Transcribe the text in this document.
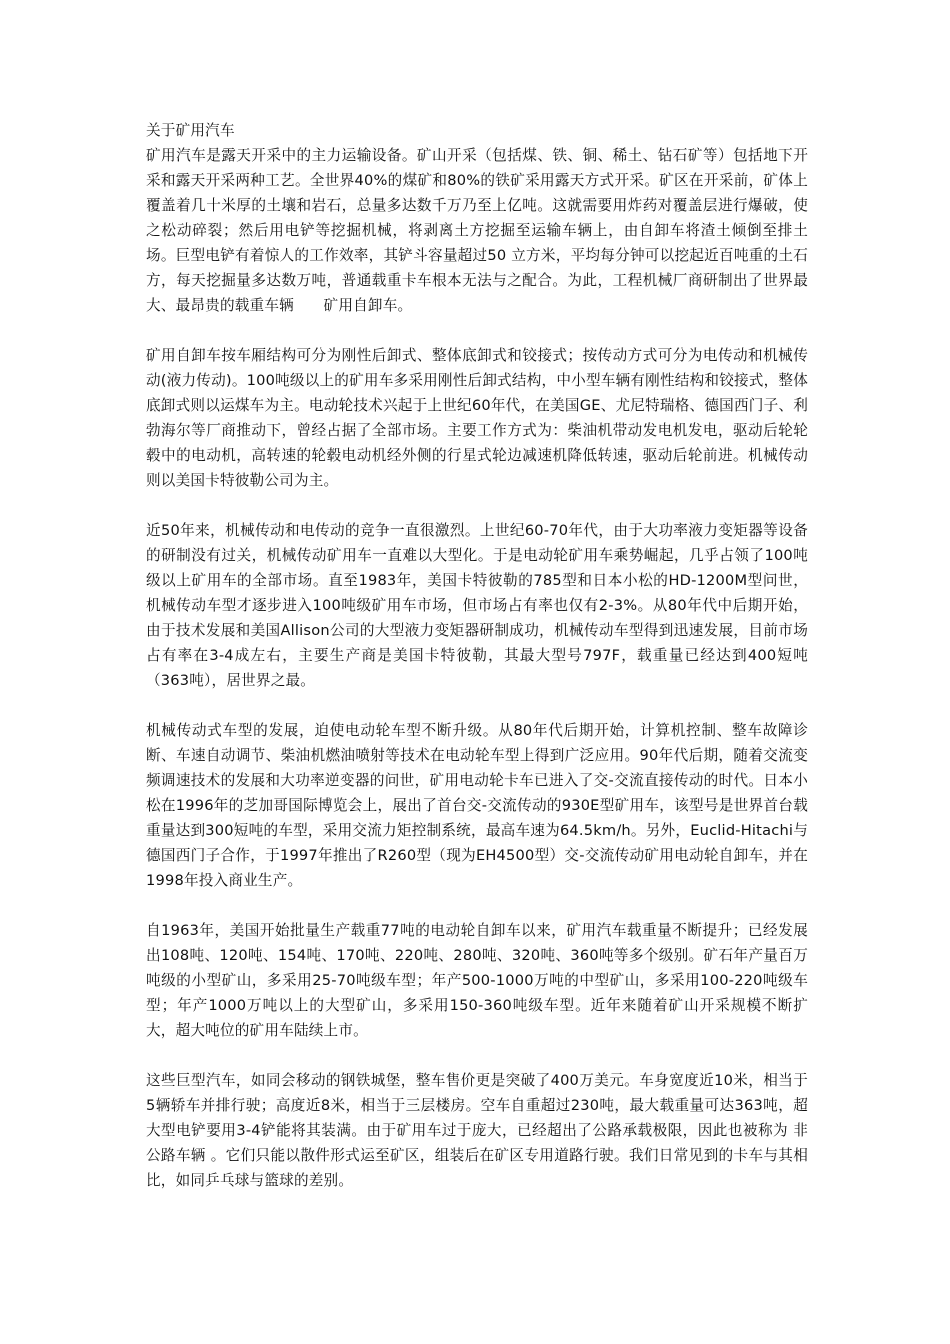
关于矿用汽车

矿用汽车是露天开采中的主力运输设备。矿山开采（包括煤、铁、铜、稀土、钻石矿等）包括地下开采和露天开采两种工艺。全世界40%的煤矿和80%的铁矿采用露天方式开采。矿区在开采前，矿体上覆盖着几十米厚的土壤和岩石，总量多达数千万乃至上亿吨。这就需要用炸药对覆盖层进行爆破，使之松动碎裂；然后用电铲等挖掘机械，将剥离土方挖掘至运输车辆上，由自卸车将渣土倾倒至排土场。巨型电铲有着惊人的工作效率，其铲斗容量超过50 立方米，平均每分钟可以挖起近百吨重的土石方，每天挖掘量多达数万吨，普通载重卡车根本无法与之配合。为此，工程机械厂商研制出了世界最大、最昂贵的载重车辆　　矿用自卸车。

矿用自卸车按车厢结构可分为刚性后卸式、整体底卸式和铰接式；按传动方式可分为电传动和机械传动(液力传动)。100吨级以上的矿用车多采用刚性后卸式结构，中小型车辆有刚性结构和铰接式，整体底卸式则以运煤车为主。电动轮技术兴起于上世纪60年代，在美国GE、尤尼特瑞格、德国西门子、利勃海尔等厂商推动下，曾经占据了全部市场。主要工作方式为：柴油机带动发电机发电，驱动后轮轮毂中的电动机，高转速的轮毂电动机经外侧的行星式轮边减速机降低转速，驱动后轮前进。机械传动则以美国卡特彼勒公司为主。

近50年来，机械传动和电传动的竞争一直很激烈。上世纪60-70年代，由于大功率液力变矩器等设备的研制没有过关，机械传动矿用车一直难以大型化。于是电动轮矿用车乘势崛起，几乎占领了100吨级以上矿用车的全部市场。直至1983年，美国卡特彼勒的785型和日本小松的HD-1200M型问世，机械传动车型才逐步进入100吨级矿用车市场，但市场占有率也仅有2-3%。从80年代中后期开始，由于技术发展和美国Allison公司的大型液力变矩器研制成功，机械传动车型得到迅速发展，目前市场占有率在3-4成左右，主要生产商是美国卡特彼勒，其最大型号797F，载重量已经达到400短吨（363吨），居世界之最。

机械传动式车型的发展，迫使电动轮车型不断升级。从80年代后期开始，计算机控制、整车故障诊断、车速自动调节、柴油机燃油喷射等技术在电动轮车型上得到广泛应用。90年代后期，随着交流变频调速技术的发展和大功率逆变器的问世，矿用电动轮卡车已进入了交-交流直接传动的时代。日本小松在1996年的芝加哥国际博览会上，展出了首台交-交流传动的930E型矿用车，该型号是世界首台载重量达到300短吨的车型，采用交流力矩控制系统，最高车速为64.5km/h。另外，Euclid-Hitachi与德国西门子合作，于1997年推出了R260型（现为EH4500型）交-交流传动矿用电动轮自卸车，并在1998年投入商业生产。

自1963年，美国开始批量生产载重77吨的电动轮自卸车以来，矿用汽车载重量不断提升；已经发展出108吨、120吨、154吨、170吨、220吨、280吨、320吨、360吨等多个级别。矿石年产量百万吨级的小型矿山，多采用25-70吨级车型；年产500-1000万吨的中型矿山，多采用100-220吨级车型；年产1000万吨以上的大型矿山，多采用150-360吨级车型。近年来随着矿山开采规模不断扩大，超大吨位的矿用车陆续上市。

这些巨型汽车，如同会移动的钢铁城堡，整车售价更是突破了400万美元。车身宽度近10米，相当于5辆轿车并排行驶；高度近8米，相当于三层楼房。空车自重超过230吨，最大载重量可达363吨，超大型电铲要用3-4铲能将其装满。由于矿用车过于庞大，已经超出了公路承载极限，因此也被称为 非公路车辆 。它们只能以散件形式运至矿区，组装后在矿区专用道路行驶。我们日常见到的卡车与其相比，如同乒乓球与篮球的差别。
